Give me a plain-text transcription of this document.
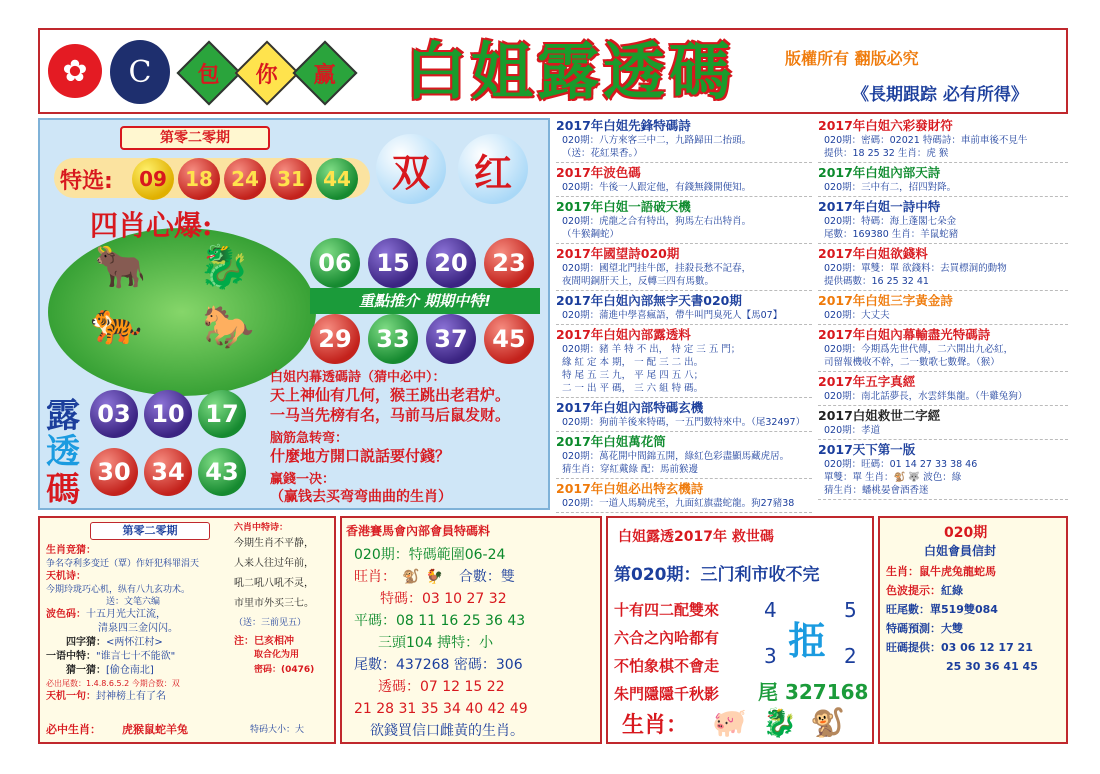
✿	C	包 你 赢	白姐露透碼	版權所有 翻版必究
《長期跟踪 必有所得》
第零二零期
特选:	09 18 24 31 44	双	红
四肖心爆:
🐂 🐉
🐅 🐎
06	15	20	23
重點推介 期期中特!
29	33	37	45
露
透
碼
03 10 17
30 34 43
白姐内幕透碼詩（猜中必中）：
天上神仙有几何，猴王跳出老君炉。
一马当先榜有名，马前马后鼠发财。
脑筋急转弯：
什麼地方開口説話要付錢？
赢錢一决：
（赢钱去买弯弯曲曲的生肖）
2017年白姐先鋒特碼詩
020期：八方來客三中二，九路歸田二抬頭。
（送：花紅果香。）
2017年波色碼
020期：牛後一人跟定他，有錢無錢開便知。
2017年白姐一語破天機
020期：虎龍之合有特出，狗馬左右出特肖。
（牛猴鋼蛇）
2017年國望詩020期
020期：國望北門挂牛郎，挂殺長愁不記春，
夜間明銅肝天上，反轉三四有馬數。
2017年白姐內部無字天書020期
020期：蒲進中學喜瘋語，帶牛叫門臭死人【馬07】
2017年白姐內部露透料
020期：豬 羊 特 不 出， 特 定 三 五 門；
緣 紅 定 本 期， 一 配 三 二 出。
特 尾 五 三 九， 平 尾 四 五 八；
二 一 出 平 碼， 三 六 組 特 碼。
2017年白姐內部特碼玄機
020期：狗前羊後來特碼，一五門數特來中。（尾32497）
2017年白姐萬花筒
020期：萬花開中間錦五開，綠紅色彩盡顯馬藏虎居。
猜生肖：穿紅戴綠 配：馬前猴邊
2017年白姐必出特玄機詩
020期：一道人馬騎虎至，九面紅旗盡蛇龍。狗27豬38
2017年白姐六彩發財符
020期：密碼：02021 特碼詩：車前車後不見牛
提供：18 25 32 生肖：虎 猴
2017年白姐內部天詩
020期：三中有二，招四對降。
2017年白姐一詩中特
020期：特碼：海上蓬閣七朵金
尾數：169380 生肖：羊鼠蛇豬
2017年白姐欲錢料
020期：單雙：單 欲錢料：去買標洞的動物
提供碼數：16 25 32 41
2017年白姐三字黃金詩
020期：大丈夫
2017年白姐內幕輸盡光特碼詩
020期：今期爲先世代傳，二六開出九必紅，
司留報機收不幹，二一數歌七數聲。（猴）
2017年五字真經
020期：南北話夢長，水雲絆集龍。（牛雞兔狗）
2017白姐救世二字經
020期：孝道
2017天下第一版
020期：旺碼：01 14 27 33 38 46
單雙：單 生肖：🐒 🐺 波色：綠
猜生肖：蟠桃晏會酒香迷
第零二零期
生肖竞猜：
争名夺利多变迁（覃）作奸犯科罪涓天
天机诗：
今期玲珑巧心机，纵有八九玄功术。
送：文笔六编
波色码： 十五月光大江流，
清泉四三金闪闪。
四字猜：<两怀江村>
一语中特："谁言七十不能欲"
猜一猜：[偷仓南北]
必出尾数：1.4.8.6.5.2 今期合数：双
天机一句：封神榜上有了名
必中生肖： 虎猴鼠蛇羊兔	特码大小：大
六肖中特诗：
今期生肖不平静，
人来人往过年前，
吼二吼八吼不灵，
市里市外买三七。
（送：三前见五）
注： 巳亥相冲
取合化为用
密码：(0476)
香港賽馬會內部會員特碼料
020期：特碼範圍06-24
旺肖： 🐒 🐓 合數：雙
特碼：03 10 27 32
平碼：08 11 16 25 36 43
三頭104 搏特：小
尾數：437268 密碼：306
透碼：07 12 15 22
21 28 31 35 34 40 42 49
欲錢買信口雌黃的生肖。
白姐露透2017年 救世碼
第020期：三门利市收不完
十有四二配雙來
六合之內哈都有
不怕象棋不會走
朱門隱隱千秋影
4	5
3	2
挋
尾 327168
生肖： 🐖 🐉 🐒
020期
白姐會員信封
生肖：鼠牛虎兔龍蛇馬
色波提示：紅綠
旺尾數：單519雙084
特碼預測：大雙
旺碼提供：03 06 12 17 21
25 30 36 41 45
